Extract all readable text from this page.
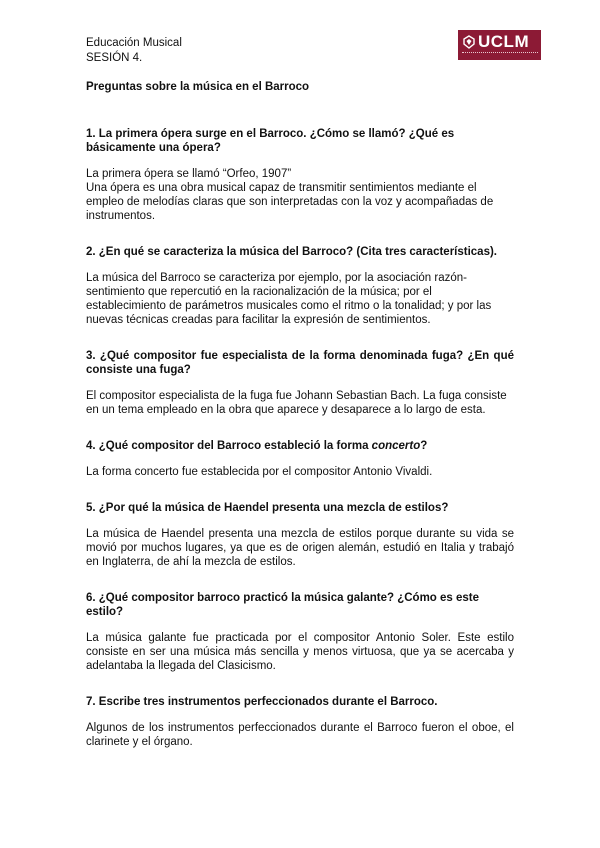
Educación Musical
SESIÓN 4.
UCLM
Preguntas sobre la música en el Barroco

1. La primera ópera surge en el Barroco. ¿Cómo se llamó? ¿Qué es básicamente una ópera?

La primera ópera se llamó “Orfeo, 1907”

Una ópera es una obra musical capaz de transmitir sentimientos mediante el empleo de melodías claras que son interpretadas con la voz y acompañadas de instrumentos.

2. ¿En qué se caracteriza la música del Barroco? (Cita tres características).

La música del Barroco se caracteriza por ejemplo, por la asociación razón-sentimiento que repercutió en la racionalización de la música; por el establecimiento de parámetros musicales como el ritmo o la tonalidad; y por las nuevas técnicas creadas para facilitar la expresión de sentimientos.

3. ¿Qué compositor fue especialista de la forma denominada fuga? ¿En qué consiste una fuga?

El compositor especialista de la fuga fue Johann Sebastian Bach. La fuga consiste en un tema empleado en la obra que aparece y desaparece a lo largo de esta.

4. ¿Qué compositor del Barroco estableció la forma concerto?

La forma concerto fue establecida por el compositor Antonio Vivaldi.

5. ¿Por qué la música de Haendel presenta una mezcla de estilos?

La música de Haendel presenta una mezcla de estilos porque durante su vida se movió por muchos lugares, ya que es de origen alemán, estudió en Italia y trabajó en Inglaterra, de ahí la mezcla de estilos.

6. ¿Qué compositor barroco practicó la música galante? ¿Cómo es este estilo?

La música galante fue practicada por el compositor Antonio Soler. Este estilo consiste en ser una música más sencilla y menos virtuosa, que ya se acercaba y adelantaba la llegada del Clasicismo.

7. Escribe tres instrumentos perfeccionados durante el Barroco.

Algunos de los instrumentos perfeccionados durante el Barroco fueron el oboe, el clarinete y el órgano.
